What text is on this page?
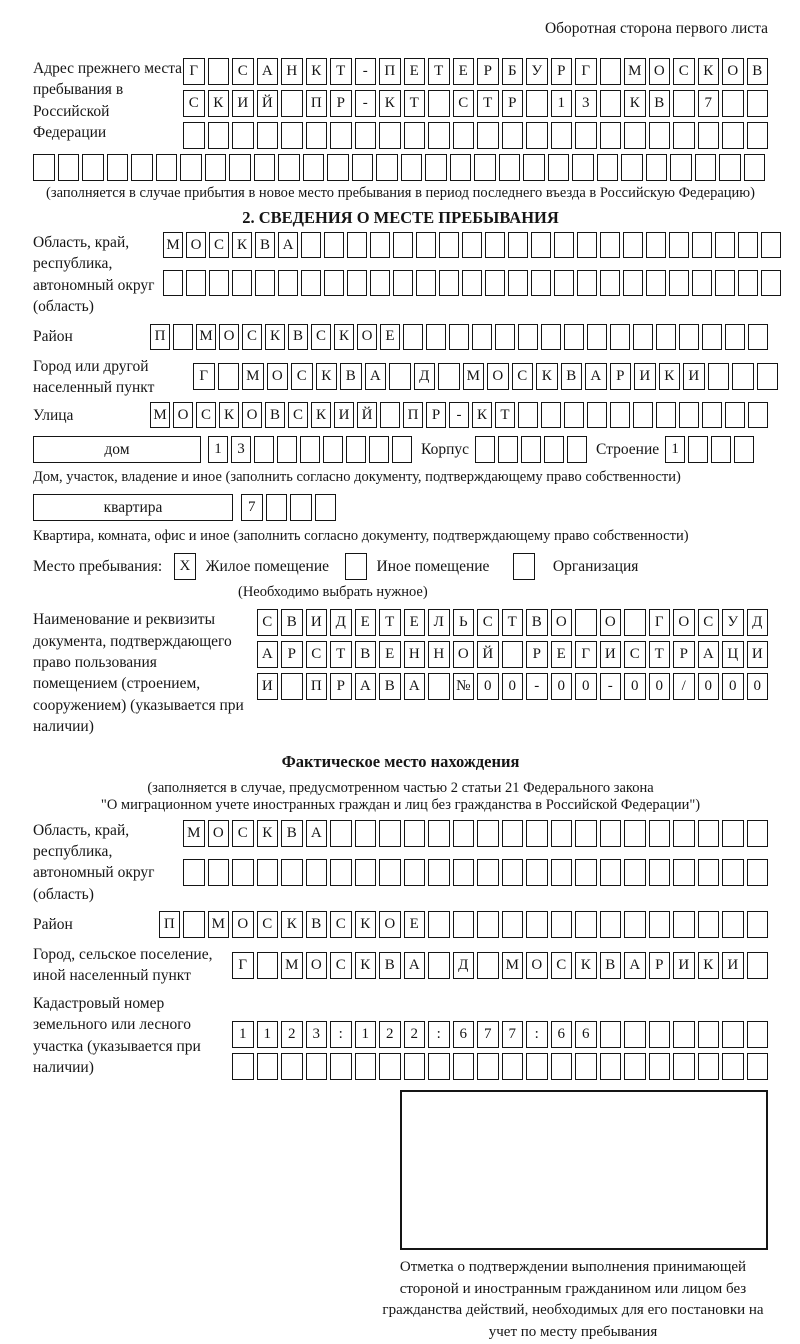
Оборотная сторона первого листа
Адрес прежнего места пребывания в Российской Федерации
Г	С А Н К Т	-	П Е	Т	Е	Р	Б У	Р	Г	М О С К О В
С К И Й	П Р	-	К Т	С Т	Р	1	3	К В	7
(заполняется в случае прибытия в новое место пребывания в период последнего въезда в Российскую Федерацию)
2. СВЕДЕНИЯ О МЕСТЕ ПРЕБЫВАНИЯ
Область, край, республика, автономный округ (область)
М О С К В А
Район	П	М О С К В С К О Е
Город или другой населенный пункт
Г	М О С К В А	Д	М О С К В А Р И К И
Улица	М О С К О В С К И Й	П Р	-	К Т
дом	1	3	Корпус	Строение 1
Дом, участок, владение и иное (заполнить согласно документу, подтверждающему право собственности)
квартира	7
Квартира, комната, офис и иное (заполнить согласно документу, подтверждающему право собственности)
Место пребывания:	X Жилое помещение	Иное помещение	Организация
(Необходимо выбрать нужное)
Наименование и реквизиты документа, подтверждающего право пользования помещением (строением, сооружением) (указывается при наличии)
С В И Д Е	Т	Е Л	Ь	С Т В О	О	Г О С У Д
А Р	С Т В Е Н Н О Й	Р	Е	Г И С Т	Р А Ц И
И	П Р А В А	№ 0	0	-	0	0	-	0	0	/	0	0	0
Фактическое место нахождения
(заполняется в случае, предусмотренном частью 2 статьи 21 Федерального закона
"О миграционном учете иностранных граждан и лиц без гражданства в Российской Федерации")
Область, край, республика, автономный округ (область)
М О С К В А
Район	П	М О С К В С К О Е
Город, сельское поселение, иной населенный пункт
Г	М О С К В А	Д	М О С К В А Р И К И
Кадастровый номер земельного или лесного участка (указывается при наличии)
1	1	2	3	:	1	2	2	:	6	7	7	:	6	6
Отметка о подтверждении выполнения принимающей стороной и иностранным гражданином или лицом без гражданства действий, необходимых для его постановки на учет по месту пребывания
